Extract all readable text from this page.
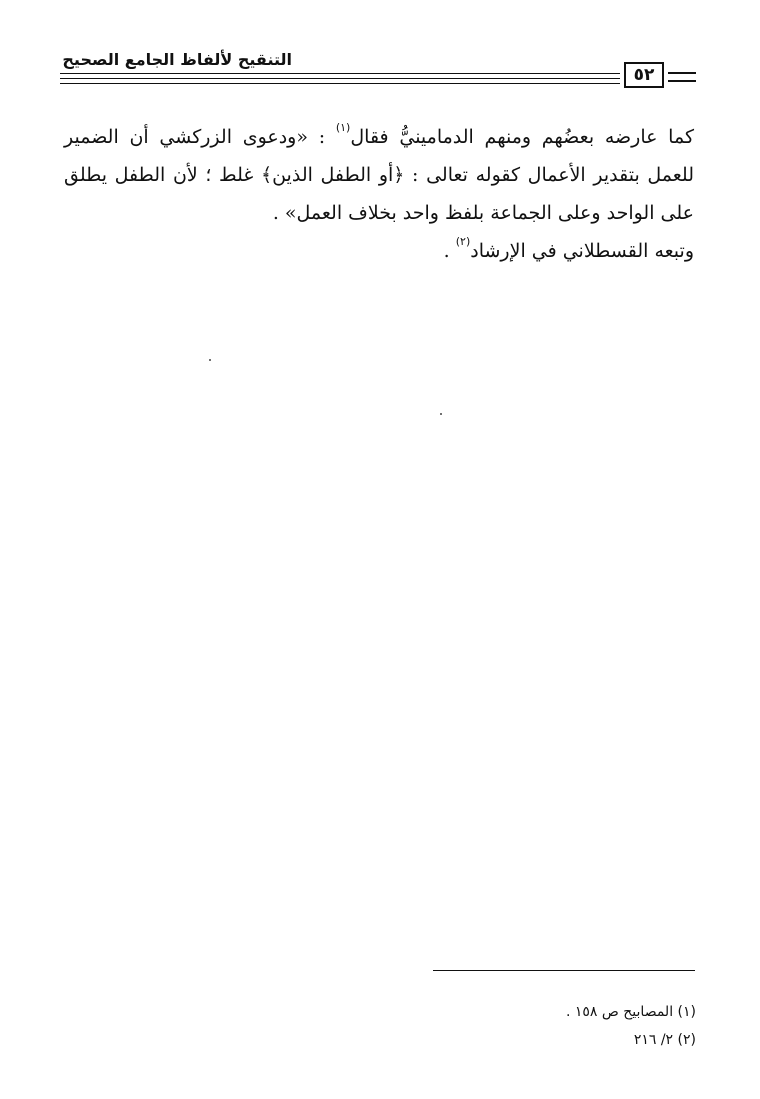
التنقيح لألفاظ الجامع الصحيح
٥٢

كما عارضه بعضُهم ومنهم الدمامينيُّ فقال$^{(١)}$ : «ودعوى الزركشي أن الضمير للعمل بتقدير الأعمال كقوله تعالى : ﴿أو الطفل الذين﴾ غلط ؛ لأن الطفل يطلق على الواحد وعلى الجماعة بلفظ واحد بخلاف العمل» .

وتبعه القسطلاني في الإرشاد$^{(٢)}$ .

(١) المصابيح ص ١٥٨ .
(٢) ٢/ ٢١٦
